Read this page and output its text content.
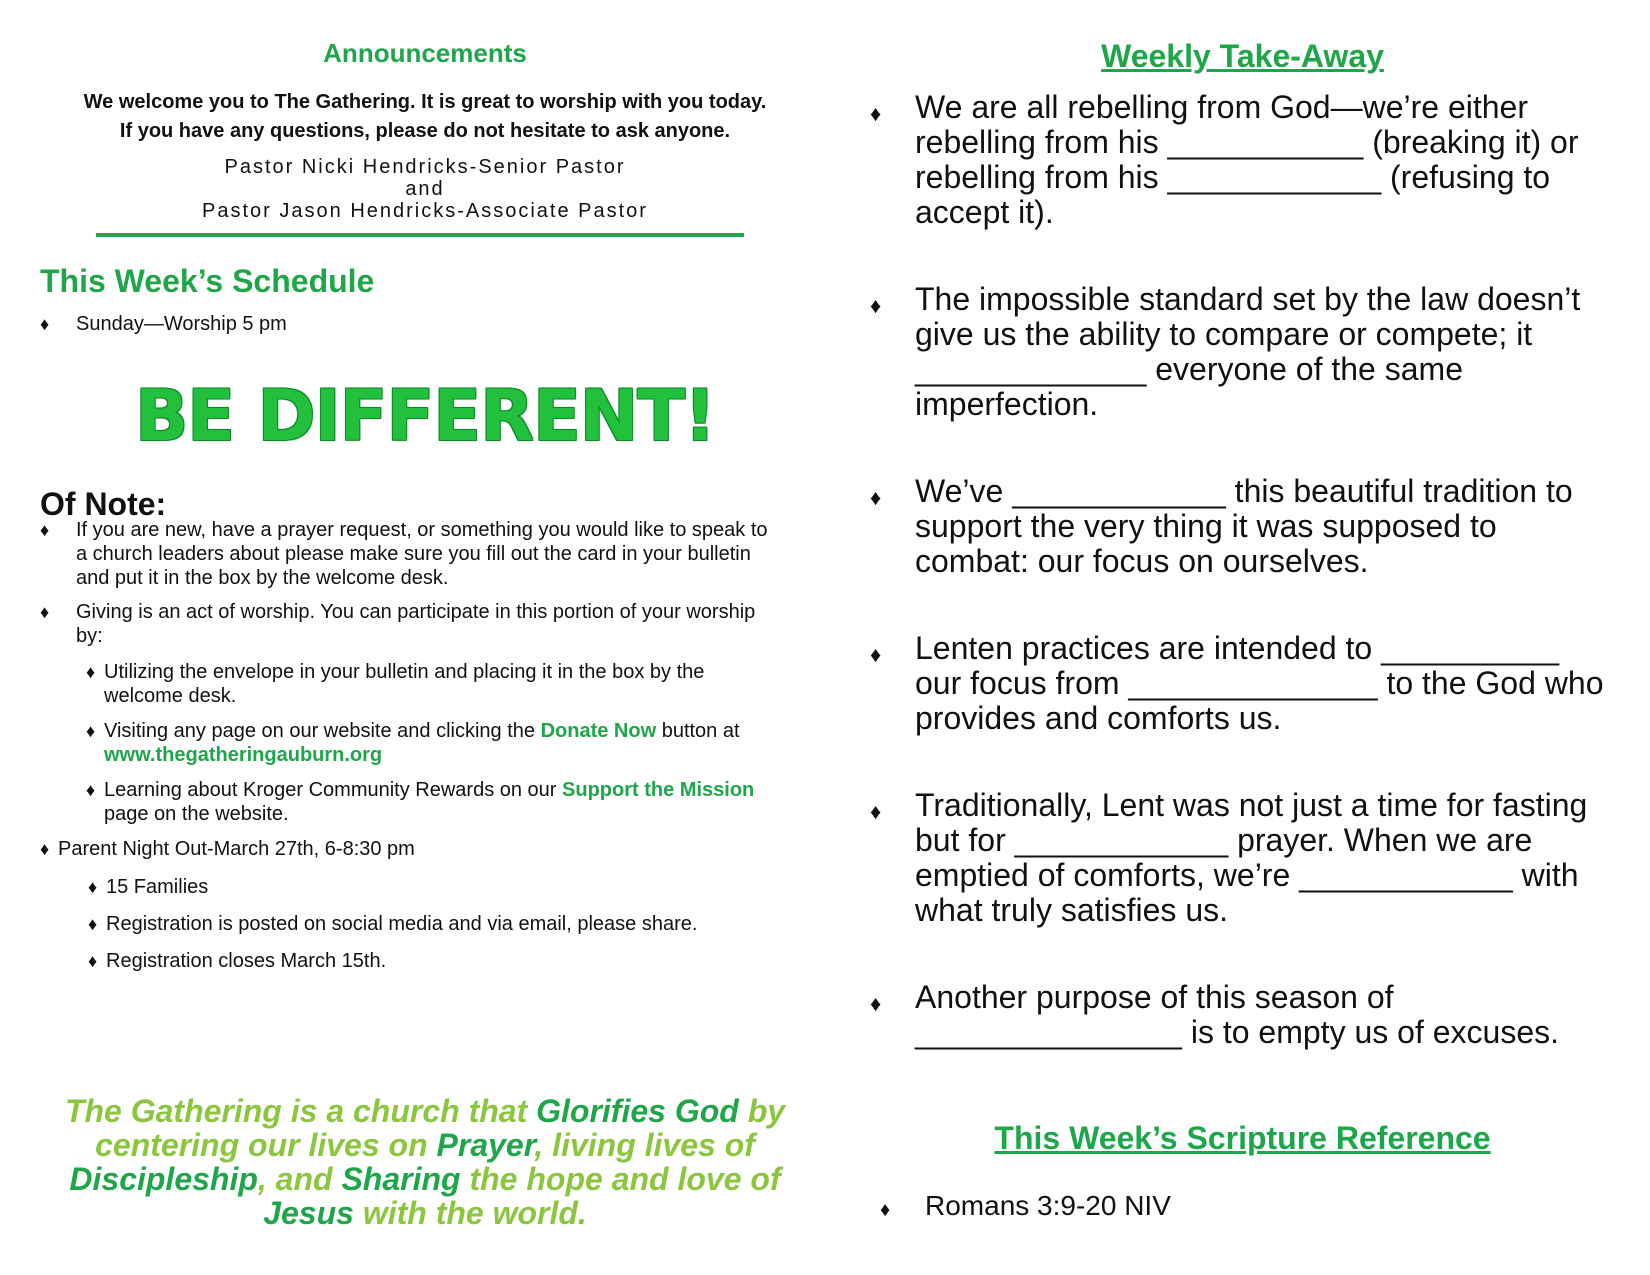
Announcements
We welcome you to The Gathering. It is great to worship with you today.
If you have any questions, please do not hesitate to ask anyone.
Pastor Nicki Hendricks-Senior Pastor
and
Pastor Jason Hendricks-Associate Pastor
This Week’s Schedule
♦ Sunday—Worship 5 pm
BE DIFFERENT!
Of Note:
♦ If you are new, have a prayer request, or something you would like to speak to a church leaders about please make sure you fill out the card in your bulletin and put it in the box by the welcome desk.
♦ Giving is an act of worship. You can participate in this portion of your worship by:
♦ Utilizing the envelope in your bulletin and placing it in the box by the welcome desk.
♦ Visiting any page on our website and clicking the Donate Now button at www.thegatheringauburn.org
♦ Learning about Kroger Community Rewards on our Support the Mission page on the website.
♦ Parent Night Out-March 27th, 6-8:30 pm
♦ 15 Families
♦ Registration is posted on social media and via email, please share.
♦ Registration closes March 15th.
The Gathering is a church that Glorifies God by centering our lives on Prayer, living lives of Discipleship, and Sharing the hope and love of Jesus with the world.
Weekly Take-Away
♦ We are all rebelling from God—we’re either rebelling from his ___________ (breaking it) or rebelling from his ____________ (refusing to accept it).
♦ The impossible standard set by the law doesn’t give us the ability to compare or compete; it _____________ everyone of the same imperfection.
♦ We’ve ____________ this beautiful tradition to support the very thing it was supposed to combat: our focus on ourselves.
♦ Lenten practices are intended to __________ our focus from ______________ to the God who provides and comforts us.
♦ Traditionally, Lent was not just a time for fasting but for ____________ prayer. When we are emptied of comforts, we’re ____________ with what truly satisfies us.
♦ Another purpose of this season of _______________ is to empty us of excuses.
This Week’s Scripture Reference
♦ Romans 3:9-20 NIV
